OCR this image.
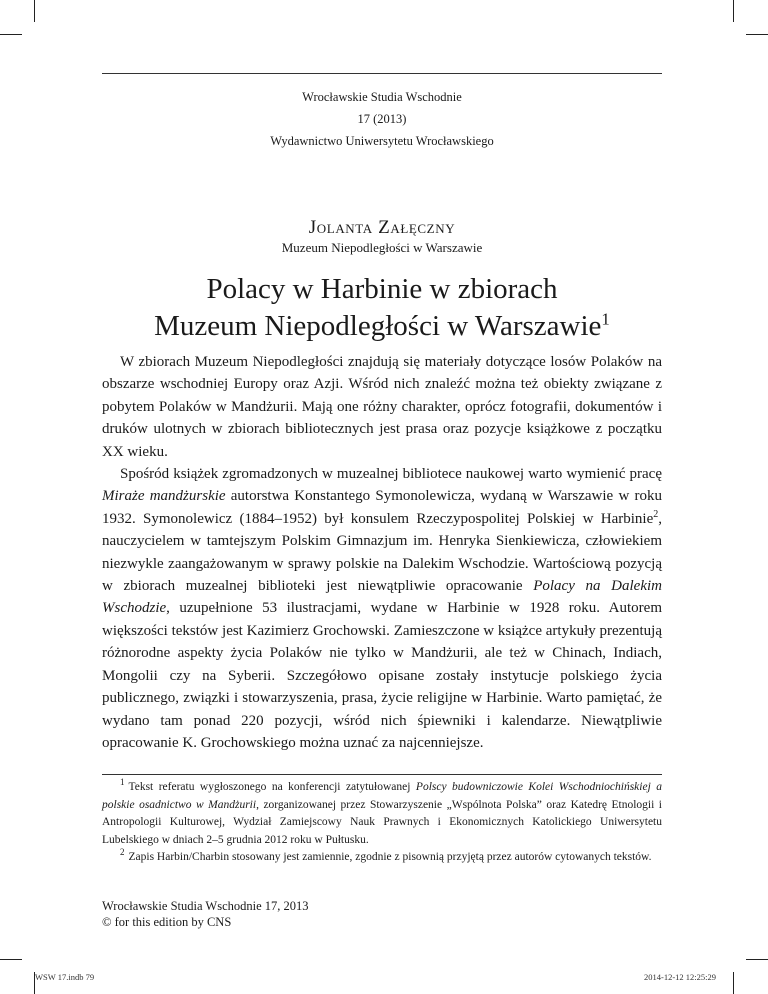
Wrocławskie Studia Wschodnie
17 (2013)
Wydawnictwo Uniwersytetu Wrocławskiego
Jolanta Załęczny
Muzeum Niepodległości w Warszawie
Polacy w Harbinie w zbiorach
Muzeum Niepodległości w Warszawie$^1$

W zbiorach Muzeum Niepodległości znajdują się materiały dotyczące losów Polaków na obszarze wschodniej Europy oraz Azji. Wśród nich znaleźć można też obiekty związane z pobytem Polaków w Mandżurii. Mają one różny charakter, oprócz fotografii, dokumentów i druków ulotnych w zbiorach bibliotecznych jest prasa oraz pozycje książkowe z początku XX wieku.

Spośród książek zgromadzonych w muzealnej bibliotece naukowej warto wymienić pracę Miraże mandżurskie autorstwa Konstantego Symonolewicza, wydaną w Warszawie w roku 1932. Symonolewicz (1884–1952) był konsulem Rzeczypospolitej Polskiej w Harbinie$^2$, nauczycielem w tamtejszym Polskim Gimnazjum im. Henryka Sienkiewicza, człowiekiem niezwykle zaangażowanym w sprawy polskie na Dalekim Wschodzie. Wartościową pozycją w zbiorach muzealnej biblioteki jest niewątpliwie opracowanie Polacy na Dalekim Wschodzie, uzupełnione 53 ilustracjami, wydane w Harbinie w 1928 roku. Autorem większości tekstów jest Kazimierz Grochowski. Zamieszczone w książce artykuły prezentują różnorodne aspekty życia Polaków nie tylko w Mandżurii, ale też w Chinach, Indiach, Mongolii czy na Syberii. Szczegółowo opisane zostały instytucje polskiego życia publicznego, związki i stowarzyszenia, prasa, życie religijne w Harbinie. Warto pamiętać, że wydano tam ponad 220 pozycji, wśród nich śpiewniki i kalendarze. Niewątpliwie opracowanie K. Grochowskiego można uznać za najcenniejsze.

$^1$ Tekst referatu wygłoszonego na konferencji zatytułowanej Polscy budowniczowie Kolei Wschodniochińskiej a polskie osadnictwo w Mandżurii, zorganizowanej przez Stowarzyszenie „Wspólnota Polska” oraz Katedrę Etnologii i Antropologii Kulturowej, Wydział Zamiejscowy Nauk Prawnych i Ekonomicznych Katolickiego Uniwersytetu Lubelskiego w dniach 2–5 grudnia 2012 roku w Pułtusku.

$^2$ Zapis Harbin/Charbin stosowany jest zamiennie, zgodnie z pisownią przyjętą przez autorów cytowanych tekstów.

Wrocławskie Studia Wschodnie 17, 2013
© for this edition by CNS
WSW 17.indb 79	2014-12-12 12:25:29
